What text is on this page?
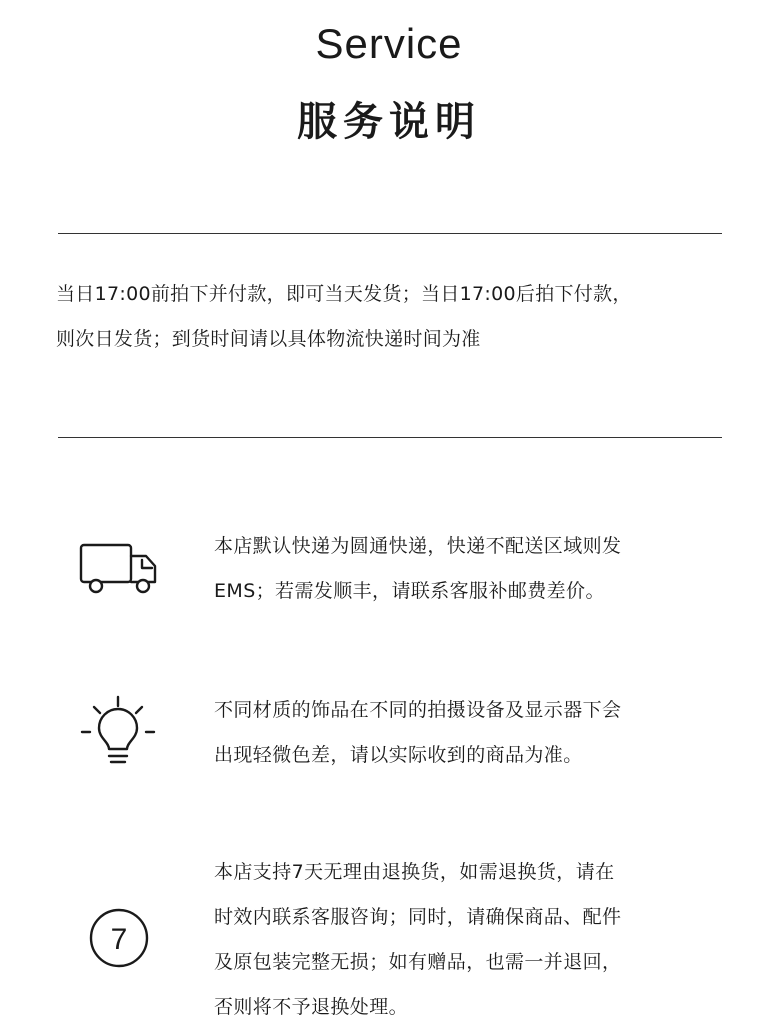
Service
服务说明
当日17:00前拍下并付款，即可当天发货；当日17:00后拍下付款，
则次日发货；到货时间请以具体物流快递时间为准
本店默认快递为圆通快递，快递不配送区域则发
EMS；若需发顺丰，请联系客服补邮费差价。
不同材质的饰品在不同的拍摄设备及显示器下会
出现轻微色差，请以实际收到的商品为准。
7
本店支持7天无理由退换货，如需退换货，请在
时效内联系客服咨询；同时，请确保商品、配件
及原包装完整无损；如有赠品，也需一并退回，
否则将不予退换处理。
